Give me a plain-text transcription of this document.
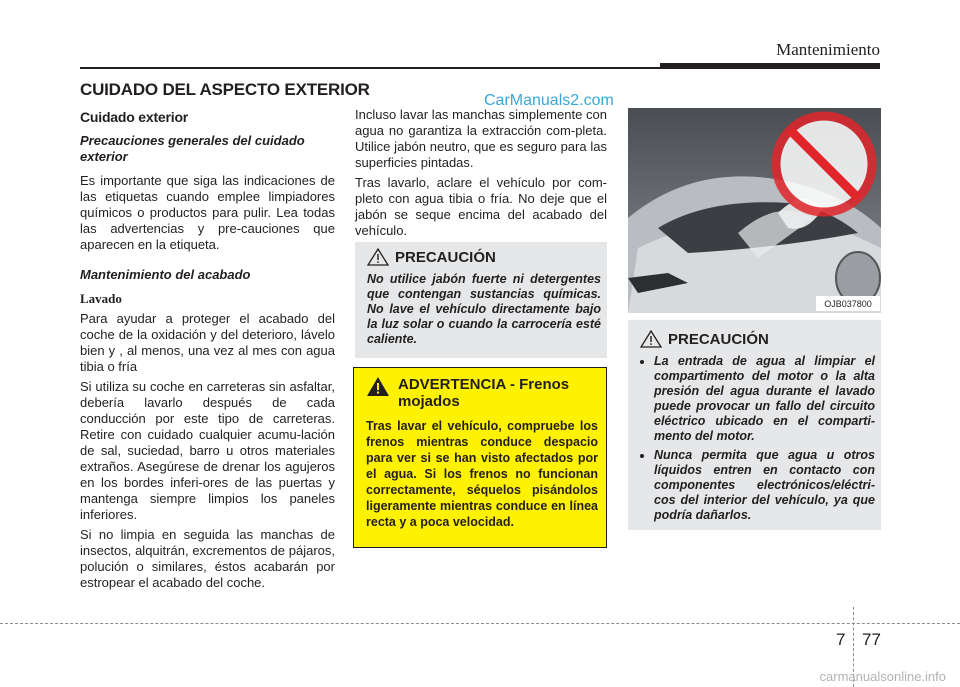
Mantenimiento
CUIDADO DEL ASPECTO EXTERIOR
CarManuals2.com
Cuidado exterior
Precauciones generales del cuidado exterior

Es importante que siga las indicaciones de las etiquetas cuando emplee limpiadores químicos o productos para pulir. Lea todas las advertencias y pre-cauciones que aparecen en la etiqueta.

Mantenimiento del acabado
Lavado

Para ayudar a proteger el acabado del coche de la oxidación y del deterioro, lávelo bien y , al menos, una vez al mes con agua tibia o fría

Si utiliza su coche en carreteras sin asfaltar, debería lavarlo después de cada conducción por este tipo de carreteras. Retire con cuidado cualquier acumu-lación de sal, suciedad, barro u otros materiales extraños. Asegúrese de drenar los agujeros en los bordes inferi-ores de las puertas y mantenga siempre limpios los paneles inferiores.

Si no limpia en seguida las manchas de insectos, alquitrán, excrementos de pájaros, polución o similares, éstos acabarán por estropear el acabado del coche.

Incluso lavar las manchas simplemente con agua no garantiza la extracción com-pleta. Utilice jabón neutro, que es seguro para las superficies pintadas.

Tras lavarlo, aclare el vehículo por com-pleto con agua tibia o fría. No deje que el jabón se seque encima del acabado del vehículo.

PRECAUCIÓN
No utilice jabón fuerte ni detergentes que contengan sustancias químicas. No lave el vehículo directamente bajo la luz solar o cuando la carrocería esté caliente.
ADVERTENCIA - Frenos mojados
Tras lavar el vehículo, compruebe los frenos mientras conduce despacio para ver si se han visto afectados por el agua. Si los frenos no funcionan correctamente, séquelos pisándolos ligeramente mientras conduce en línea recta y a poca velocidad.
OJB037800
PRECAUCIÓN
• La entrada de agua al limpiar el compartimento del motor o la alta presión del agua durante el lavado puede provocar un fallo del circuito eléctrico ubicado en el comparti-mento del motor.
• Nunca permita que agua u otros líquidos entren en contacto con componentes electrónicos/eléctri-cos del interior del vehículo, ya que podría dañarlos.
7 77
carmanualsonline.info
